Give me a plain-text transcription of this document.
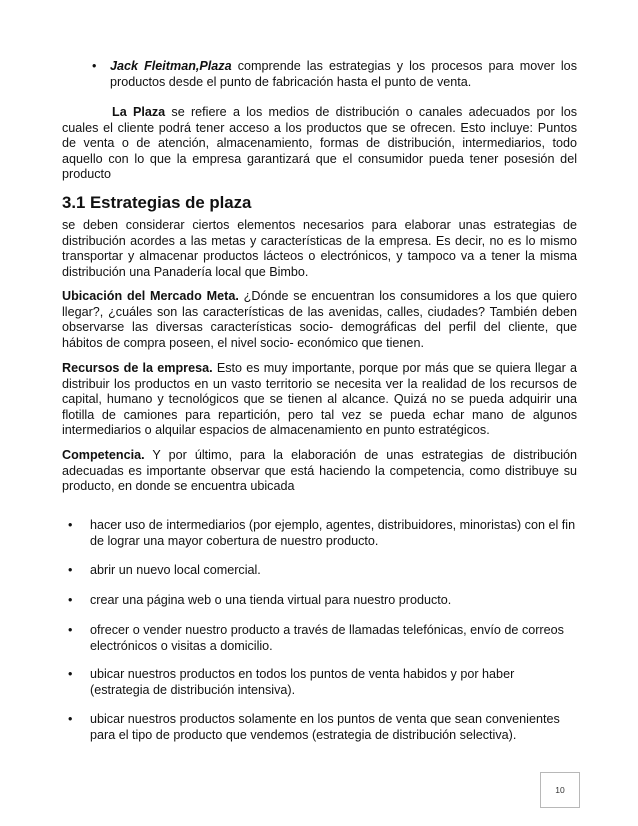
• Jack Fleitman,Plaza comprende las estrategias y los procesos para mover los productos desde el punto de fabricación hasta el punto de venta.

La Plaza se refiere a los medios de distribución o canales adecuados por los cuales el cliente podrá tener acceso a los productos que se ofrecen. Esto incluye: Puntos de venta o de atención, almacenamiento, formas de distribución, intermediarios, todo aquello con lo que la empresa garantizará que el consumidor pueda tener posesión del producto

3.1 Estrategias de plaza

se deben considerar ciertos elementos necesarios para elaborar unas estrategias de distribución acordes a las metas y características de la empresa. Es decir, no es lo mismo transportar y almacenar productos lácteos o electrónicos, y tampoco va a tener la misma distribución una Panadería local que Bimbo.

Ubicación del Mercado Meta. ¿Dónde se encuentran los consumidores a los que quiero llegar?, ¿cuáles son las características de las avenidas, calles, ciudades? También deben observarse las diversas características socio- demográficas del perfil del cliente, que hábitos de compra poseen, el nivel socio- económico que tienen.

Recursos de la empresa. Esto es muy importante, porque por más que se quiera llegar a distribuir los productos en un vasto territorio se necesita ver la realidad de los recursos de capital, humano y tecnológicos que se tienen al alcance. Quizá no se pueda adquirir una flotilla de camiones para repartición, pero tal vez se pueda echar mano de algunos intermediarios o alquilar espacios de almacenamiento en punto estratégicos.

Competencia. Y por último, para la elaboración de unas estrategias de distribución adecuadas es importante observar que está haciendo la competencia, como distribuye su producto, en donde se encuentra ubicada

• hacer uso de intermediarios (por ejemplo, agentes, distribuidores, minoristas) con el fin de lograr una mayor cobertura de nuestro producto.
• abrir un nuevo local comercial.
• crear una página web o una tienda virtual para nuestro producto.
• ofrecer o vender nuestro producto a través de llamadas telefónicas, envío de correos electrónicos o visitas a domicilio.
• ubicar nuestros productos en todos los puntos de venta habidos y por haber (estrategia de distribución intensiva).
• ubicar nuestros productos solamente en los puntos de venta que sean convenientes para el tipo de producto que vendemos (estrategia de distribución selectiva).
10
